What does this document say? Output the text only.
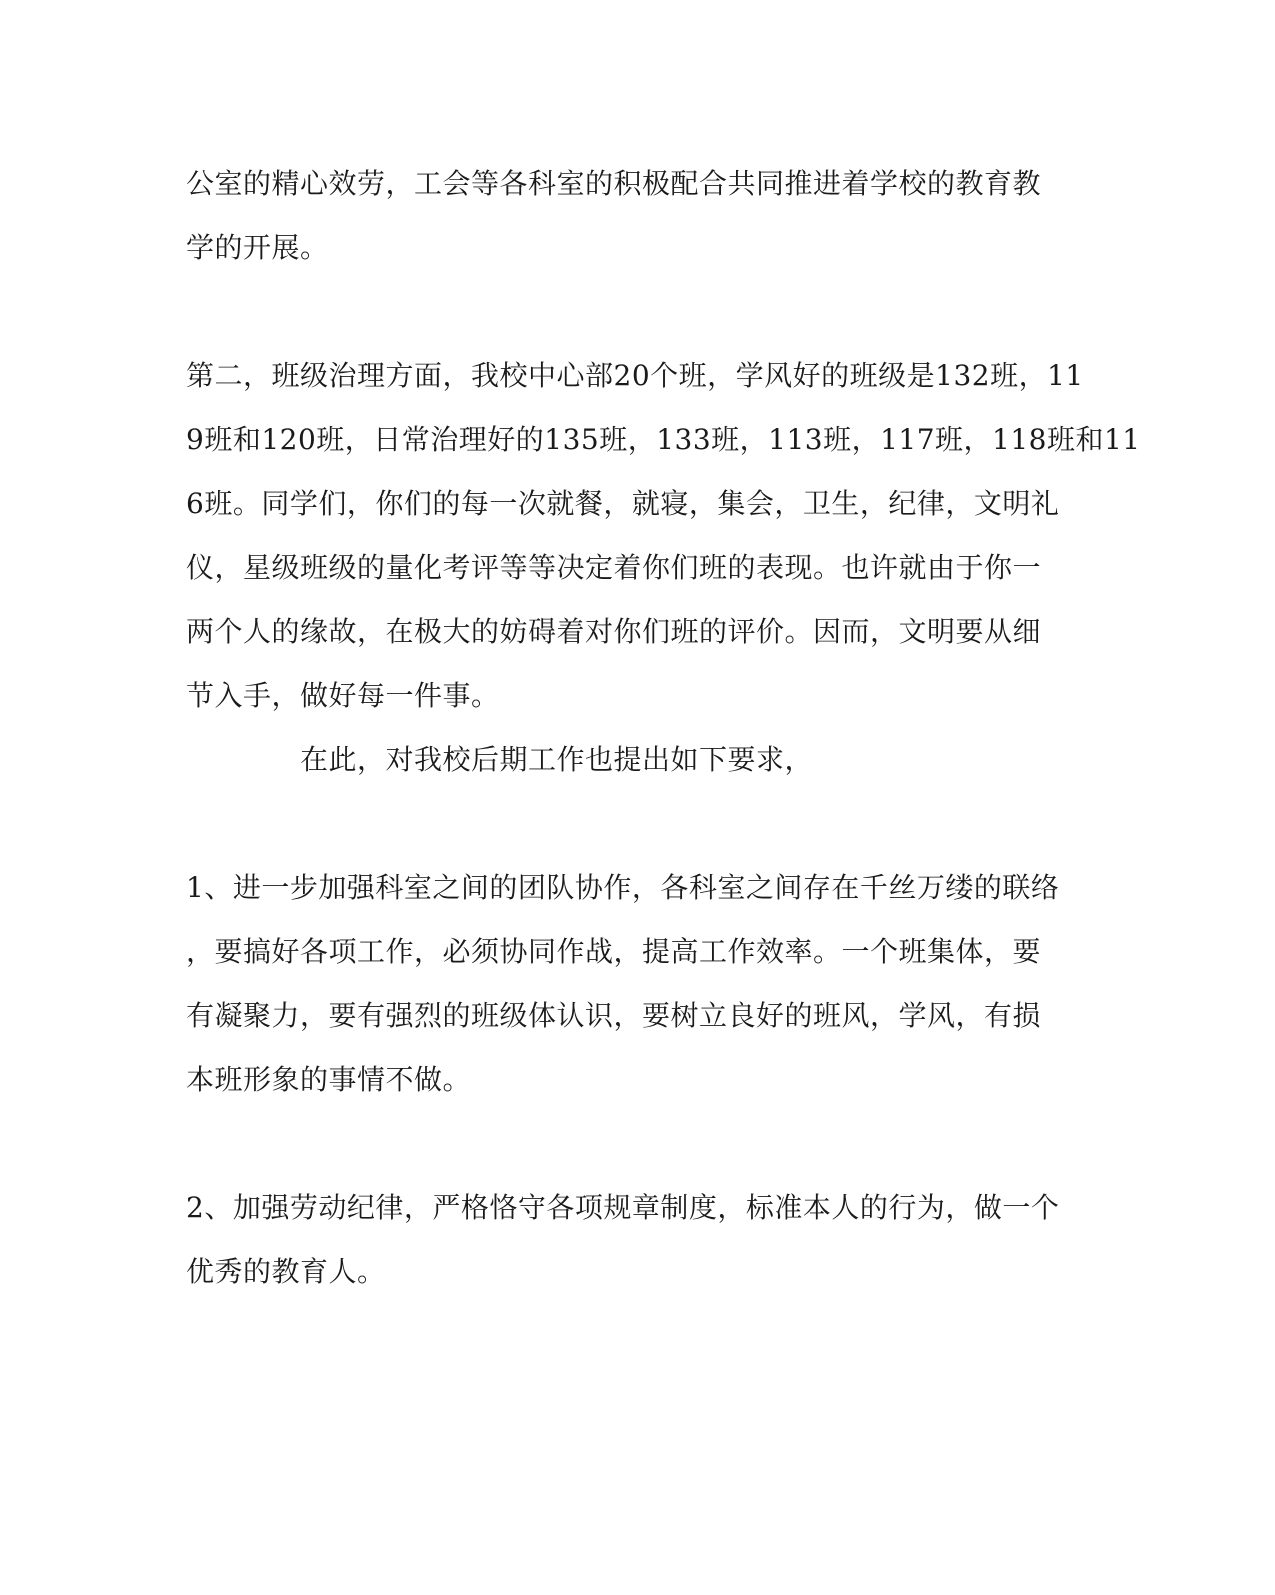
公室的精心效劳，工会等各科室的积极配合共同推进着学校的教育教
学的开展。
第二，班级治理方面，我校中心部20个班，学风好的班级是132班，11
9班和120班，日常治理好的135班，133班，113班，117班，118班和11
6班。同学们，你们的每一次就餐，就寝，集会，卫生，纪律，文明礼
仪，星级班级的量化考评等等决定着你们班的表现。也许就由于你一
两个人的缘故，在极大的妨碍着对你们班的评价。因而，文明要从细
节入手，做好每一件事。
在此，对我校后期工作也提出如下要求，
1、进一步加强科室之间的团队协作，各科室之间存在千丝万缕的联络
，要搞好各项工作，必须协同作战，提高工作效率。一个班集体，要
有凝聚力，要有强烈的班级体认识，要树立良好的班风，学风，有损
本班形象的事情不做。
2、加强劳动纪律，严格恪守各项规章制度，标准本人的行为，做一个
优秀的教育人。
